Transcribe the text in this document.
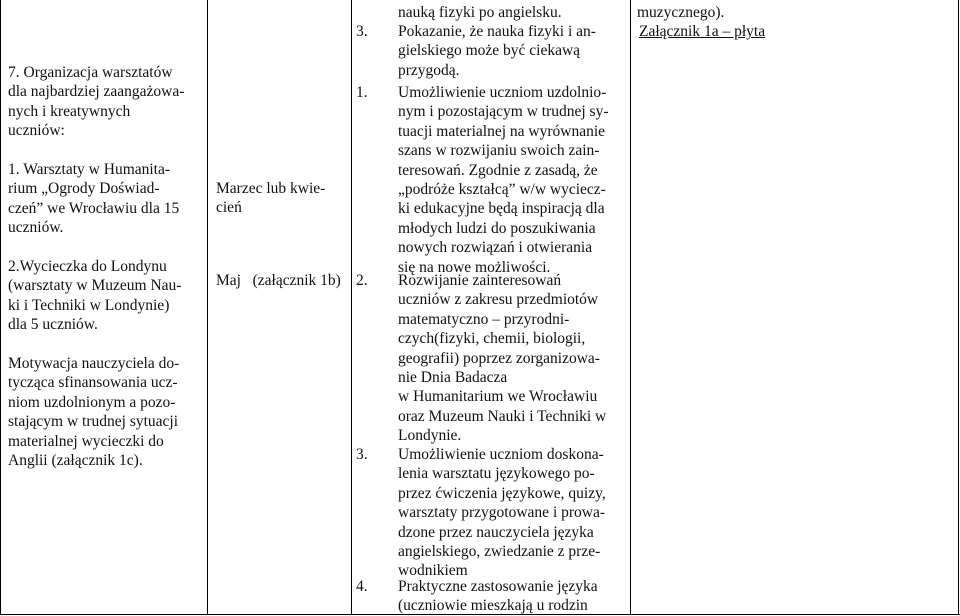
7. Organizacja warsztatów

dla najbardziej zaangażowa-

nych i kreatywnych

uczniów:

1. Warsztaty w Humanita-

rium „Ogrody Doświad-

czeń” we Wrocławiu dla 15

uczniów.

2.Wycieczka do Londynu

(warsztaty w Muzeum Nau-

ki i Techniki w Londynie)

dla 5 uczniów.

Motywacja nauczyciela do-

tycząca sfinansowania ucz-

niom uzdolnionym a pozo-

stającym w trudnej sytuacji

materialnej wycieczki do

Anglii (załącznik 1c).

Marzec lub kwie-

cień

Maj   (załącznik 1b)
nauką fizyki po angielsku.
3. Pokazanie, że nauka fizyki i an-

gielskiego może być ciekawą

przygodą.

1. Umożliwienie uczniom uzdolnio-

nym i pozostającym w trudnej sy-

tuacji materialnej na wyrównanie

szans w rozwijaniu swoich zain-

teresowań. Zgodnie z zasadą, że

„podróże kształcą” w/w wyciecz-

ki edukacyjne będą inspiracją dla

młodych ludzi do poszukiwania

nowych rozwiązań i otwierania

się na nowe możliwości.

2. Rozwijanie zainteresowań

uczniów z zakresu przedmiotów

matematyczno – przyrodni-

czych(fizyki, chemii, biologii,

geografii) poprzez zorganizowa-

nie Dnia Badacza

w Humanitarium we Wrocławiu

oraz Muzeum Nauki i Techniki w

Londynie.

3. Umożliwienie uczniom doskona-

lenia warsztatu językowego po-

przez ćwiczenia językowe, quizy,

warsztaty przygotowane i prowa-

dzone przez nauczyciela języka

angielskiego, zwiedzanie z prze-

wodnikiem

4. Praktyczne zastosowanie języka

(uczniowie mieszkają u rodzin

muzycznego).

Załącznik 1a – płyta
